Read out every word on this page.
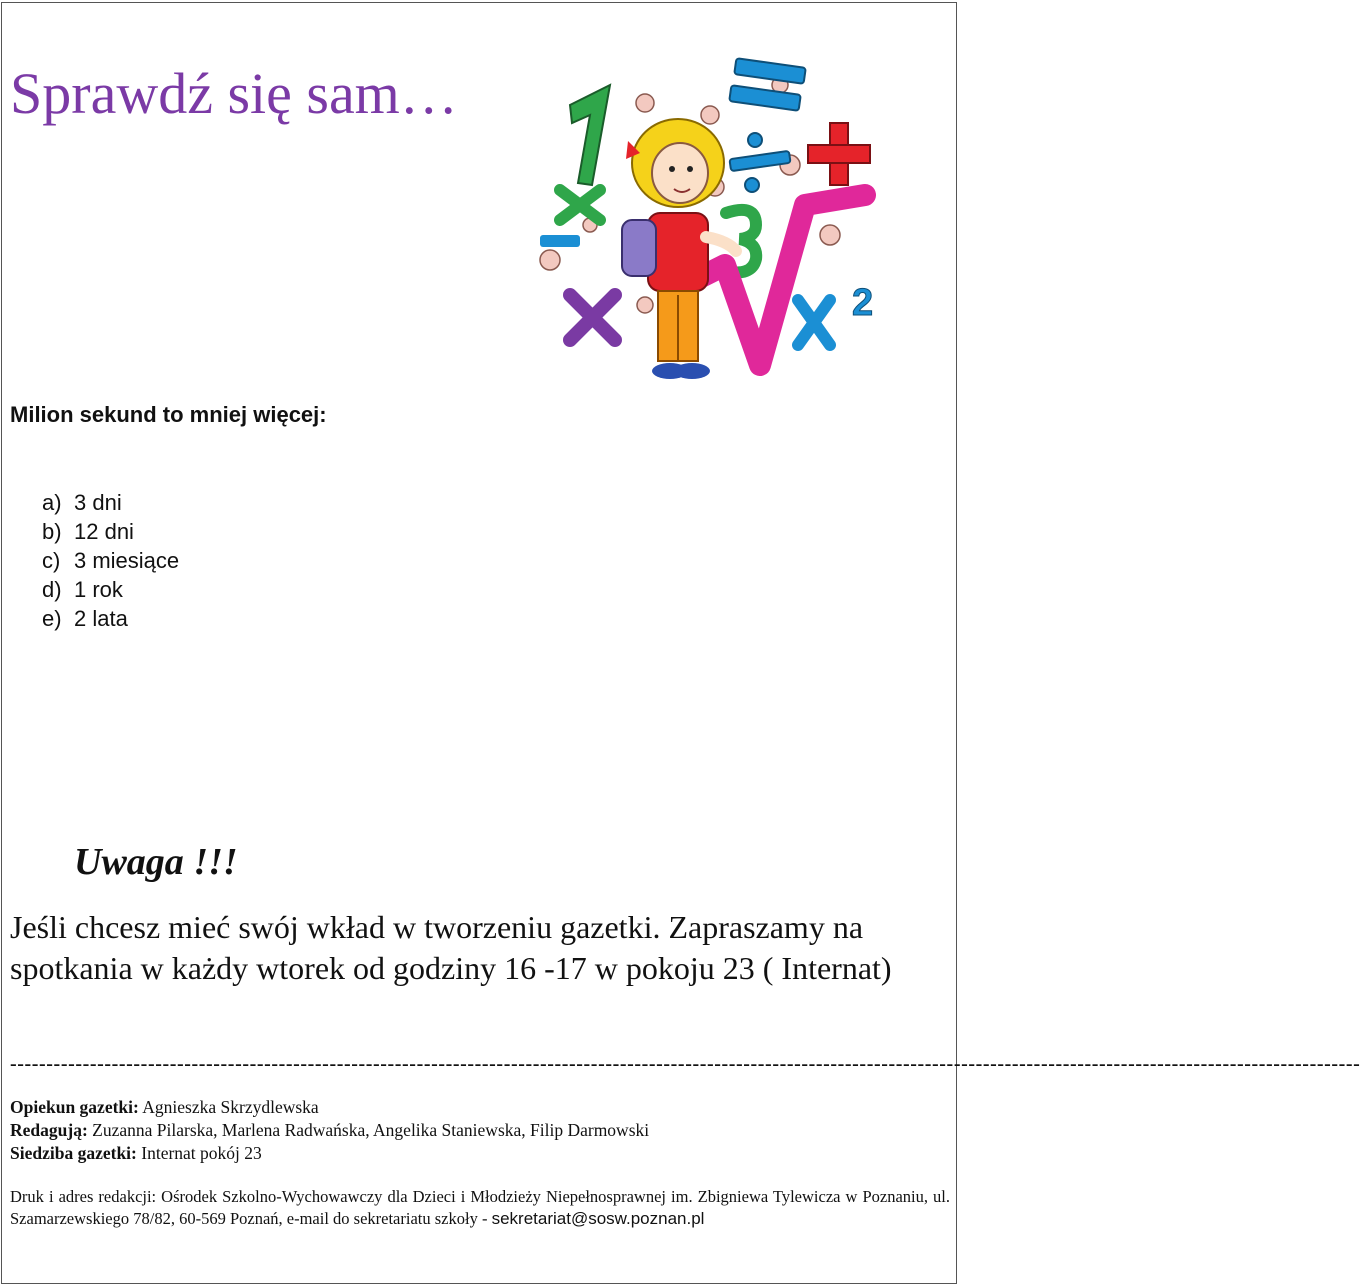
Sprawdź się sam…
2

Milion sekund to mniej więcej:

a) 3 dni
b) 12 dni
c) 3 miesiące
d) 1 rok
e) 2 lata
Uwaga !!!
Jeśli chcesz mieć swój wkład w tworzeniu gazetki. Zapraszamy na spotkania w każdy wtorek od godziny 16 -17 w pokoju 23 ( Internat)
------------------------------------------------------------------------------------------------------------------------------------------------------------------------------------------
Opiekun gazetki: Agnieszka Skrzydlewska
Redagują: Zuzanna Pilarska, Marlena Radwańska, Angelika Staniewska, Filip Darmowski
Siedziba gazetki: Internat pokój 23
Druk i adres redakcji: Ośrodek Szkolno-Wychowawczy dla Dzieci i Młodzieży Niepełnosprawnej im. Zbigniewa Tylewicza w Poznaniu, ul. Szamarzewskiego 78/82, 60-569 Poznań, e-mail do sekretariatu szkoły - sekretariat@sosw.poznan.pl
